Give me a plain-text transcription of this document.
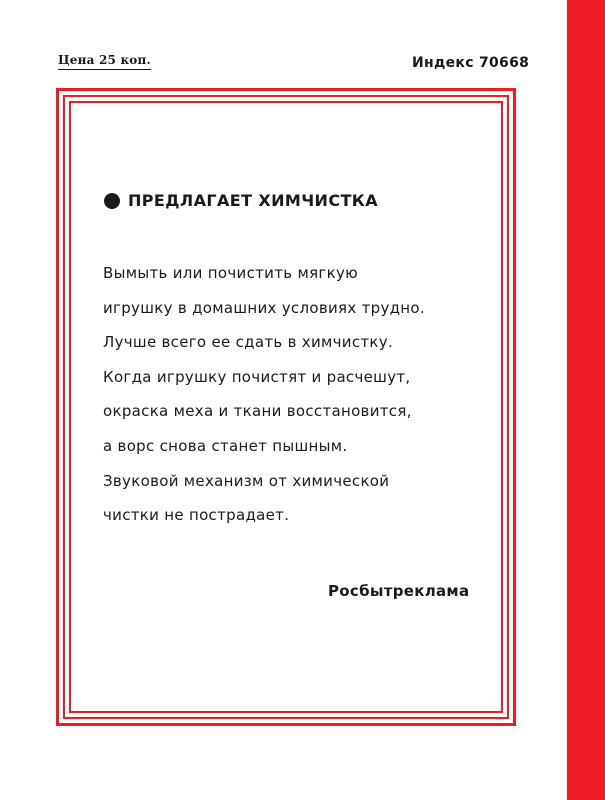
Цена 25 коп.	Индекс 70668
ПРЕДЛАГАЕТ ХИМЧИСТКА
Вымыть или почистить мягкую
игрушку в домашних условиях трудно.
Лучше всего ее сдать в химчистку.
Когда игрушку почистят и расчешут,
окраска меха и ткани восстановится,
а ворс снова станет пышным.
Звуковой механизм от химической
чистки не пострадает.
Росбытреклама
